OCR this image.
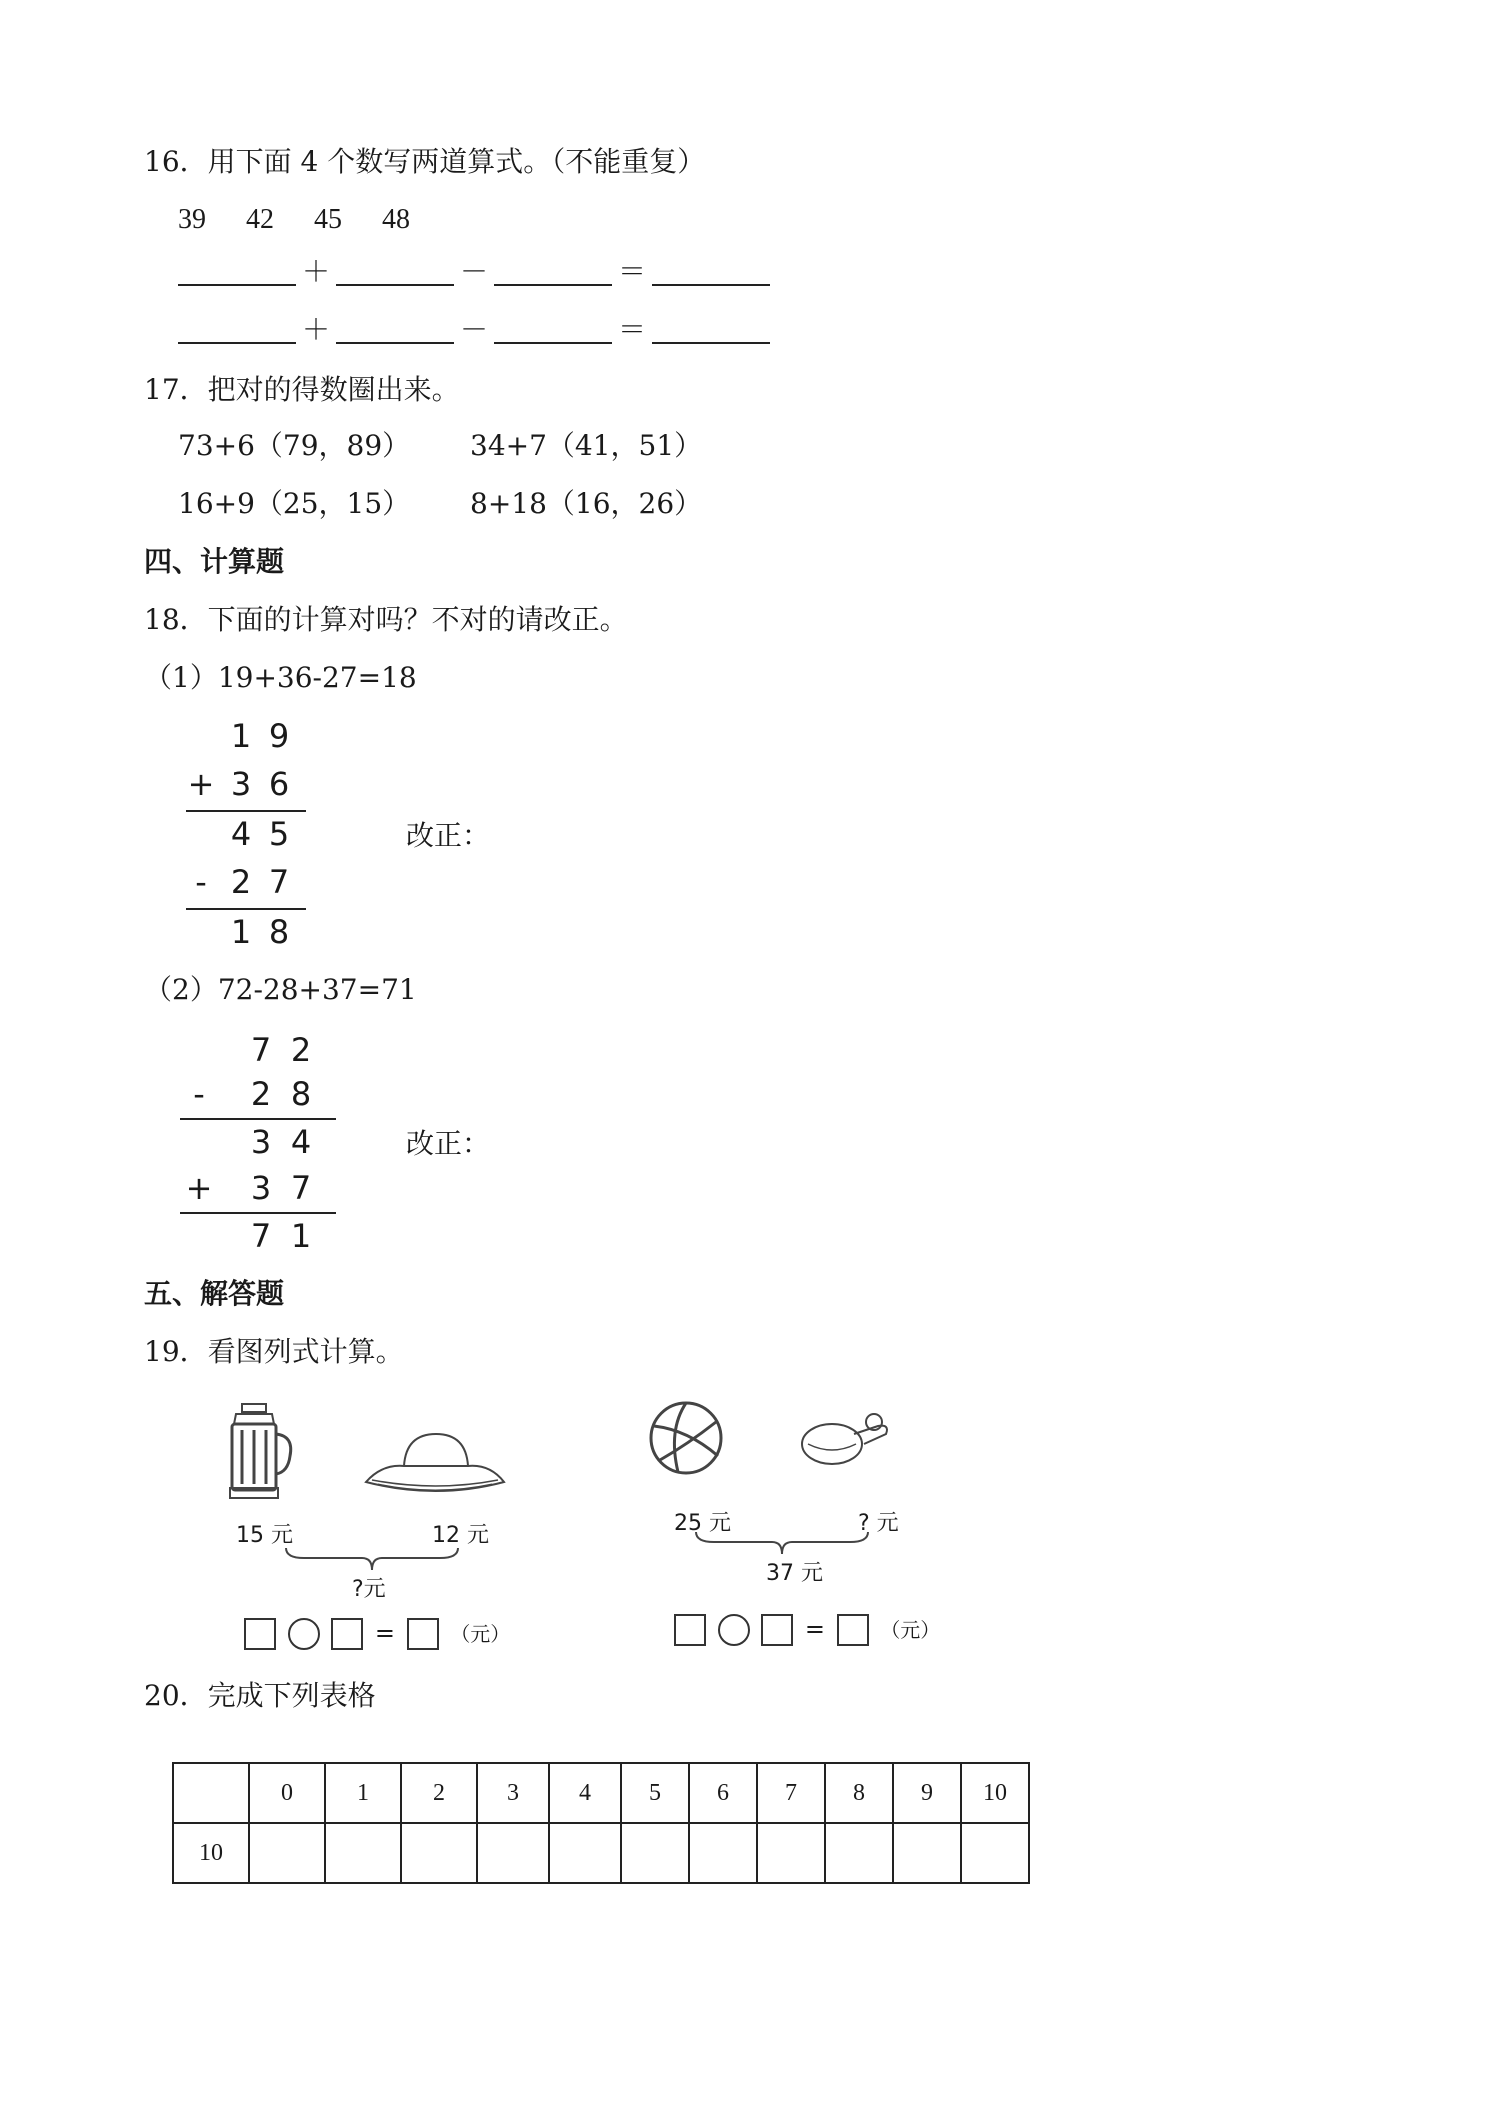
16．用下面 4 个数写两道算式。（不能重复）
39 42 45 48
＋	－	＝
＋	－	＝
17．把对的得数圈出来。
73+6（79，89） 34+7（41，51）
16+9（25，15） 8+18（16，26）
四、计算题
18．下面的计算对吗？不对的请改正。
（1）19+36-27=18
1 9
+ 3 6
4 5
- 2 7
1 8
改正：
（2）72-28+37=71
7 2
- 2 8
3 4
+ 3 7
7 1
改正：
五、解答题
19．看图列式计算。
15 元	12 元
?元
=	（元）
25 元	? 元
37 元
=	（元）
20．完成下列表格
	0	1	2	3	4	5	6	7	8	9	10
10											
